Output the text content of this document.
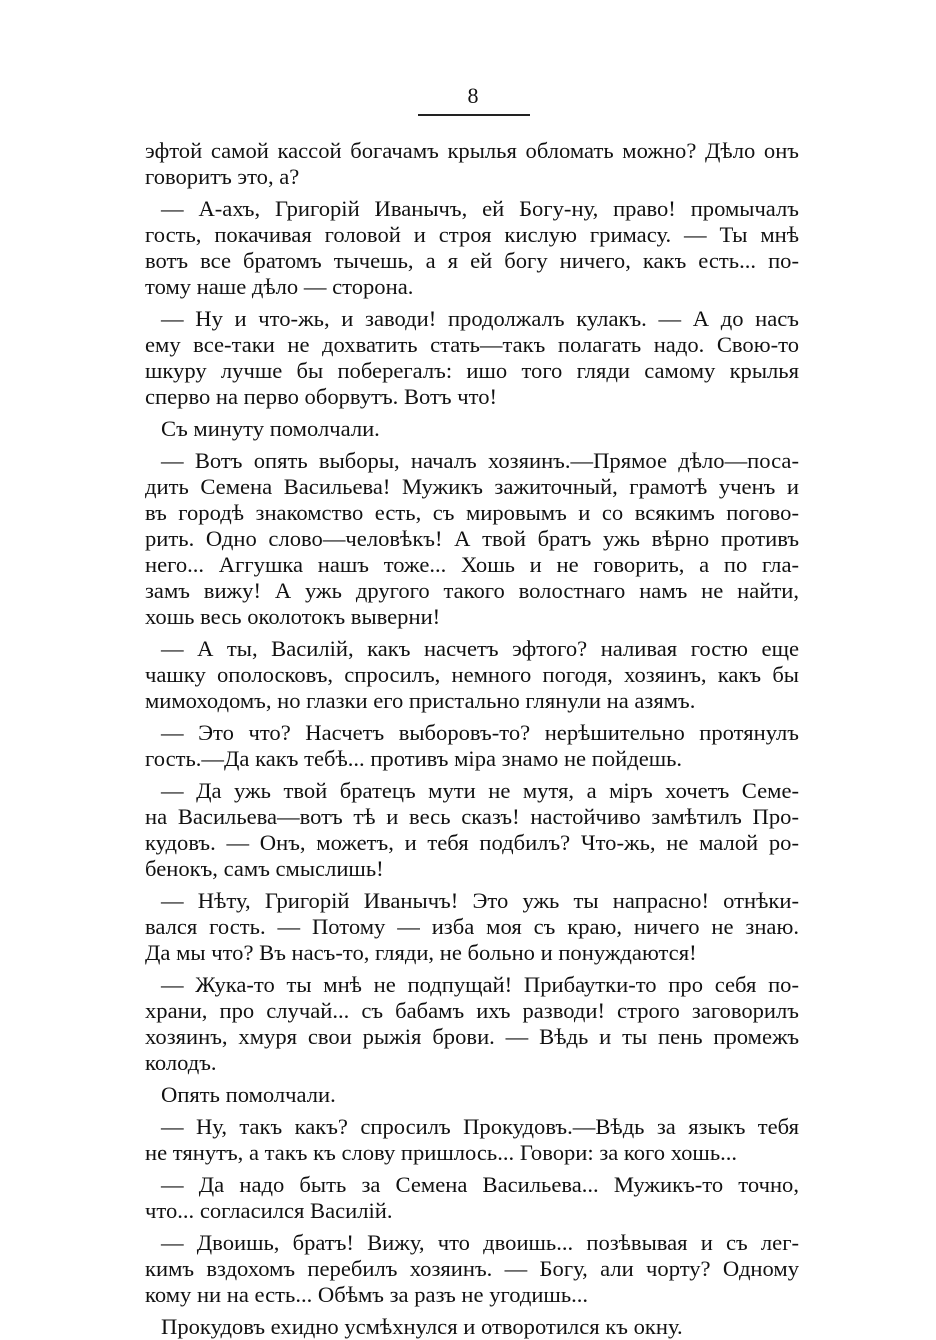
8

эфтой самой кассой богачамъ крылья обломать можно? Дѣло онъ
говоритъ это, а?

— А-ахъ, Григорій Иванычъ, ей Богу-ну, право! промычалъ
гость, покачивая головой и строя кислую гримасу. — Ты мнѣ
вотъ все братомъ тычешь, а я ей богу ничего, какъ есть... по-
тому наше дѣло — сторона.

— Ну и что-жь, и заводи! продолжалъ кулакъ. — А до насъ
ему все-таки не дохватить стать—такъ полагать надо. Свою-то
шкуру лучше бы поберегалъ: ишо того гляди самому крылья
сперво на перво оборвутъ. Вотъ что!

Съ минуту помолчали.

— Вотъ опять выборы, началъ хозяинъ.—Прямое дѣло—поса-
дить Семена Васильева! Мужикъ зажиточный, грамотѣ ученъ и
въ городѣ знакомство есть, съ мировымъ и со всякимъ погово-
рить. Одно слово—человѣкъ! А твой братъ ужь вѣрно противъ
него... Аггушка нашъ тоже... Хошь и не говорить, а по гла-
замъ вижу! А ужь другого такого волостнаго намъ не найти,
хошь весь околотокъ выверни!

— А ты, Василій, какъ насчетъ эфтого? наливая гостю еще
чашку ополосковъ, спросилъ, немного погодя, хозяинъ, какъ бы
мимоходомъ, но глазки его пристально глянули на азямъ.

— Это что? Насчетъ выборовъ-то? нерѣшительно протянулъ
гость.—Да какъ тебѣ... противъ міра знамо не пойдешь.

— Да ужь твой братецъ мути не мутя, а міръ хочетъ Семе-
на Васильева—вотъ тѣ и весь сказъ! настойчиво замѣтилъ Про-
кудовъ. — Онъ, можетъ, и тебя подбилъ? Что-жь, не малой ро-
бенокъ, самъ смыслишь!

— Нѣту, Григорій Иванычъ! Это ужь ты напрасно! отнѣки-
вался гость. — Потому — изба моя съ краю, ничего не знаю.
Да мы что? Въ насъ-то, гляди, не больно и понуждаются!

— Жука-то ты мнѣ не подпущай! Прибаутки-то про себя по-
храни, про случай... съ бабамъ ихъ разводи! строго заговорилъ
хозяинъ, хмуря свои рыжія брови. — Вѣдь и ты пень промежъ
колодъ.

Опять помолчали.

— Ну, такъ какъ? спросилъ Прокудовъ.—Вѣдь за языкъ тебя
не тянутъ, а такъ къ слову пришлось... Говори: за кого хошь...

— Да надо быть за Семена Васильева... Мужикъ-то точно,
что... согласился Василій.

— Двоишь, братъ! Вижу, что двоишь... позѣвывая и съ лег-
кимъ вздохомъ перебилъ хозяинъ. — Богу, али чорту? Одному
кому ни на есть... Обѣмъ за разъ не угодишь...

Прокудовъ ехидно усмѣхнулся и отворотился къ окну.
